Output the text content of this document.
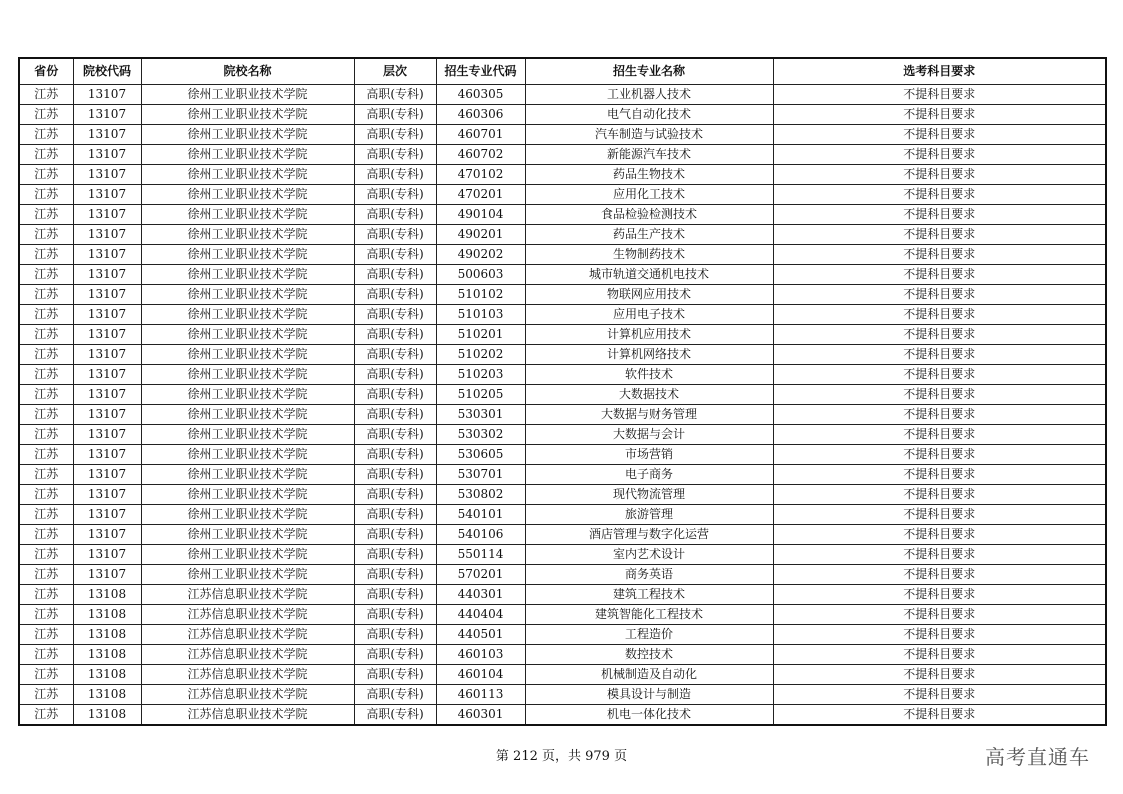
省份	院校代码	院校名称	层次	招生专业代码	招生专业名称	选考科目要求
江苏	13107	徐州工业职业技术学院	高职(专科)	460305	工业机器人技术	不提科目要求
江苏	13107	徐州工业职业技术学院	高职(专科)	460306	电气自动化技术	不提科目要求
江苏	13107	徐州工业职业技术学院	高职(专科)	460701	汽车制造与试验技术	不提科目要求
江苏	13107	徐州工业职业技术学院	高职(专科)	460702	新能源汽车技术	不提科目要求
江苏	13107	徐州工业职业技术学院	高职(专科)	470102	药品生物技术	不提科目要求
江苏	13107	徐州工业职业技术学院	高职(专科)	470201	应用化工技术	不提科目要求
江苏	13107	徐州工业职业技术学院	高职(专科)	490104	食品检验检测技术	不提科目要求
江苏	13107	徐州工业职业技术学院	高职(专科)	490201	药品生产技术	不提科目要求
江苏	13107	徐州工业职业技术学院	高职(专科)	490202	生物制药技术	不提科目要求
江苏	13107	徐州工业职业技术学院	高职(专科)	500603	城市轨道交通机电技术	不提科目要求
江苏	13107	徐州工业职业技术学院	高职(专科)	510102	物联网应用技术	不提科目要求
江苏	13107	徐州工业职业技术学院	高职(专科)	510103	应用电子技术	不提科目要求
江苏	13107	徐州工业职业技术学院	高职(专科)	510201	计算机应用技术	不提科目要求
江苏	13107	徐州工业职业技术学院	高职(专科)	510202	计算机网络技术	不提科目要求
江苏	13107	徐州工业职业技术学院	高职(专科)	510203	软件技术	不提科目要求
江苏	13107	徐州工业职业技术学院	高职(专科)	510205	大数据技术	不提科目要求
江苏	13107	徐州工业职业技术学院	高职(专科)	530301	大数据与财务管理	不提科目要求
江苏	13107	徐州工业职业技术学院	高职(专科)	530302	大数据与会计	不提科目要求
江苏	13107	徐州工业职业技术学院	高职(专科)	530605	市场营销	不提科目要求
江苏	13107	徐州工业职业技术学院	高职(专科)	530701	电子商务	不提科目要求
江苏	13107	徐州工业职业技术学院	高职(专科)	530802	现代物流管理	不提科目要求
江苏	13107	徐州工业职业技术学院	高职(专科)	540101	旅游管理	不提科目要求
江苏	13107	徐州工业职业技术学院	高职(专科)	540106	酒店管理与数字化运营	不提科目要求
江苏	13107	徐州工业职业技术学院	高职(专科)	550114	室内艺术设计	不提科目要求
江苏	13107	徐州工业职业技术学院	高职(专科)	570201	商务英语	不提科目要求
江苏	13108	江苏信息职业技术学院	高职(专科)	440301	建筑工程技术	不提科目要求
江苏	13108	江苏信息职业技术学院	高职(专科)	440404	建筑智能化工程技术	不提科目要求
江苏	13108	江苏信息职业技术学院	高职(专科)	440501	工程造价	不提科目要求
江苏	13108	江苏信息职业技术学院	高职(专科)	460103	数控技术	不提科目要求
江苏	13108	江苏信息职业技术学院	高职(专科)	460104	机械制造及自动化	不提科目要求
江苏	13108	江苏信息职业技术学院	高职(专科)	460113	模具设计与制造	不提科目要求
江苏	13108	江苏信息职业技术学院	高职(专科)	460301	机电一体化技术	不提科目要求
第 212 页，共 979 页	高考直通车
